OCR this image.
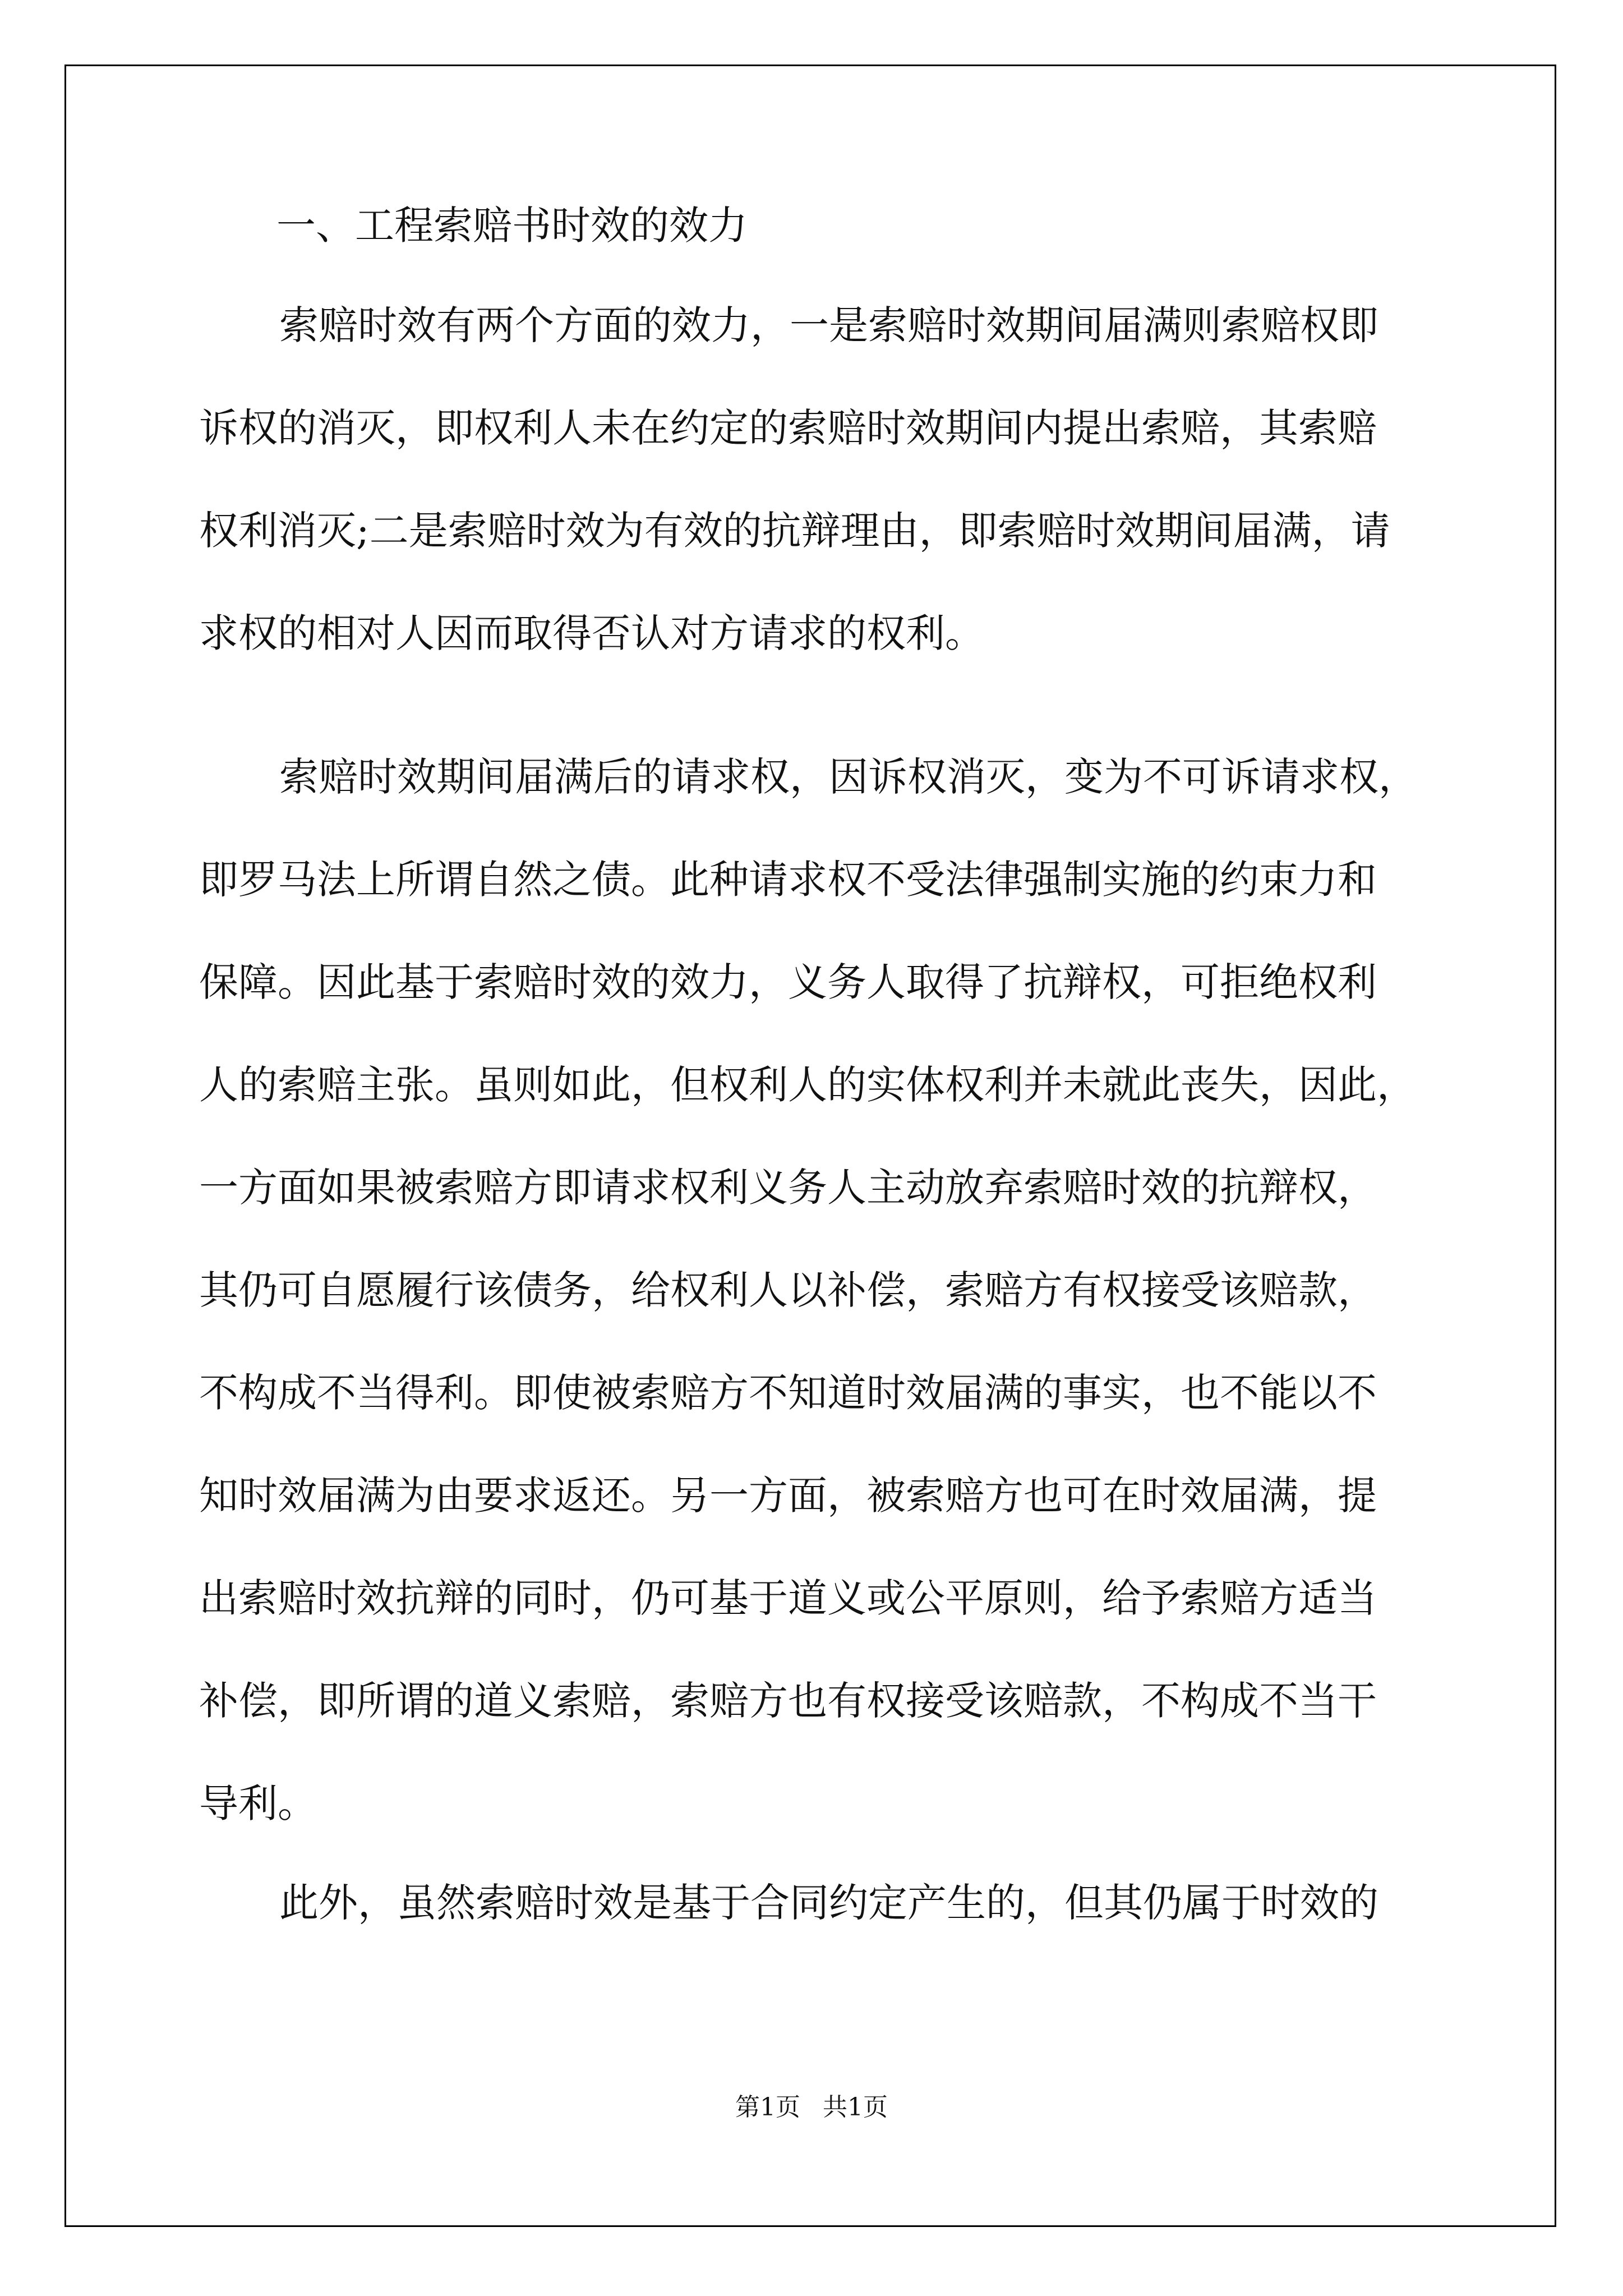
一、工程索赔书时效的效力
索赔时效有两个方面的效力，一是索赔时效期间届满则索赔权即
诉权的消灭，即权利人未在约定的索赔时效期间内提出索赔，其索赔
权利消灭;二是索赔时效为有效的抗辩理由，即索赔时效期间届满，请
求权的相对人因而取得否认对方请求的权利。
索赔时效期间届满后的请求权，因诉权消灭，变为不可诉请求权，
即罗马法上所谓自然之债。此种请求权不受法律强制实施的约束力和
保障。因此基于索赔时效的效力，义务人取得了抗辩权，可拒绝权利
人的索赔主张。虽则如此，但权利人的实体权利并未就此丧失，因此，
一方面如果被索赔方即请求权利义务人主动放弃索赔时效的抗辩权，
其仍可自愿履行该债务，给权利人以补偿，索赔方有权接受该赔款，
不构成不当得利。即使被索赔方不知道时效届满的事实，也不能以不
知时效届满为由要求返还。另一方面，被索赔方也可在时效届满，提
出索赔时效抗辩的同时，仍可基于道义或公平原则，给予索赔方适当
补偿，即所谓的道义索赔，索赔方也有权接受该赔款，不构成不当干
导利。
此外，虽然索赔时效是基于合同约定产生的，但其仍属于时效的
第1页 共1页
